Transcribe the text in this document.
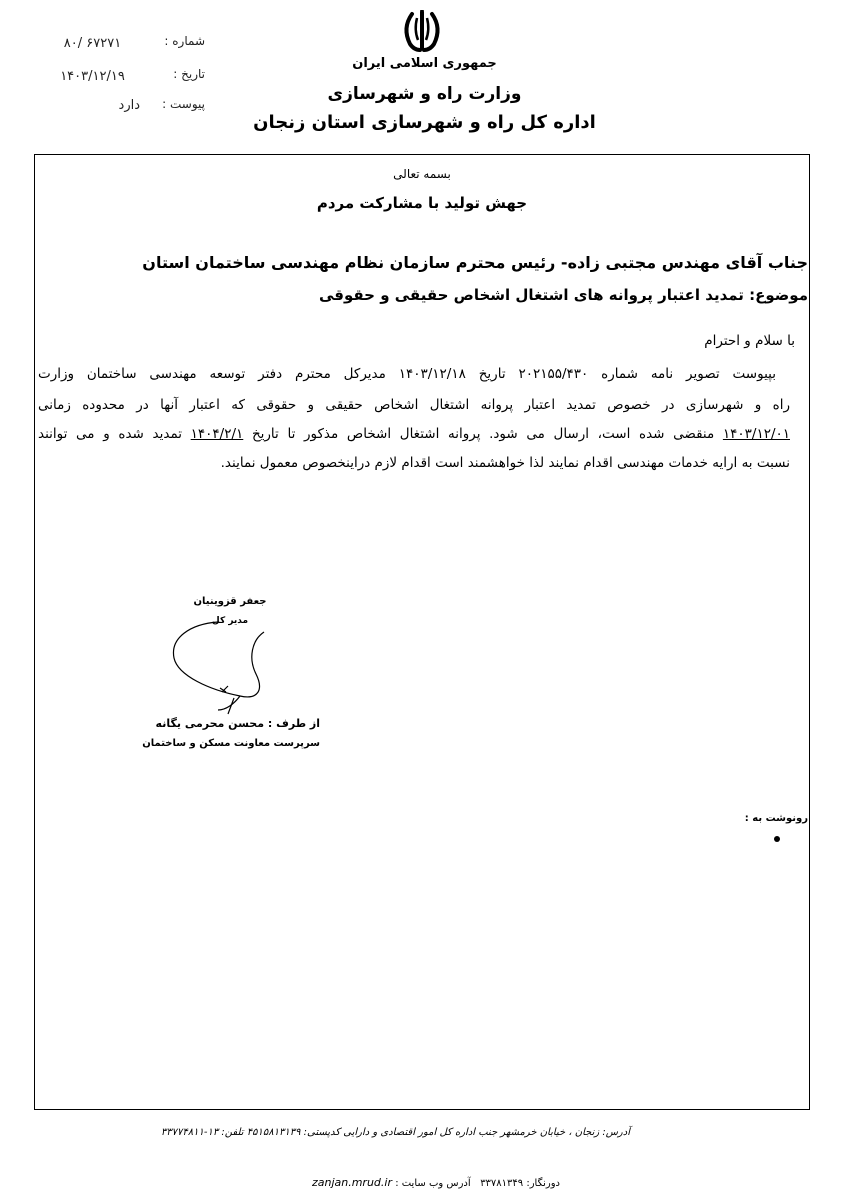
جمهوری اسلامی ایران
وزارت راه و شهرسازی
اداره کل راه و شهرسازی استان زنجان
شماره :
۸۰/ ۶۷۲۷۱
تاریخ :
۱۴۰۳/۱۲/۱۹
پیوست :
دارد
بسمه تعالی
جهش تولید با مشارکت مردم
جناب آقای مهندس مجتبی زاده- رئیس محترم سازمان نظام مهندسی ساختمان استان
موضوع: تمدید اعتبار پروانه های اشتغال اشخاص حقیقی و حقوقی
با سلام و احترام
بپیوست تصویر نامه شماره ۲۰۲۱۵۵/۴۳۰ تاریخ ۱۴۰۳/۱۲/۱۸ مدیرکل محترم دفتر توسعه مهندسی ساختمان وزارت
راه و شهرسازی در خصوص تمدید اعتبار پروانه اشتغال اشخاص حقیقی و حقوقی که اعتبار آنها در محدوده زمانی
۱۴۰۳/۱۲/۰۱ منقضی شده است، ارسال می شود. پروانه اشتغال اشخاص مذکور تا تاریخ ۱۴۰۴/۲/۱ تمدید شده و می توانند
نسبت به ارایه خدمات مهندسی اقدام نمایند لذا خواهشمند است اقدام لازم دراینخصوص معمول نمایند.
جعفر قزوینیان
مدیر کل
از طرف : محسن محرمی یگانه
سرپرست معاونت مسکن و ساختمان
رونوشت به :
آدرس: زنجان ، خیابان خرمشهر جنب اداره کل امور اقتصادی و دارایی کدپستی: ۴۵۱۵۸۱۳۱۳۹ تلفن: ۱۳-۳۳۷۷۴۸۱۱
دورنگار: ۳۳۷۸۱۳۴۹   آدرس وب سایت : zanjan.mrud.ir
